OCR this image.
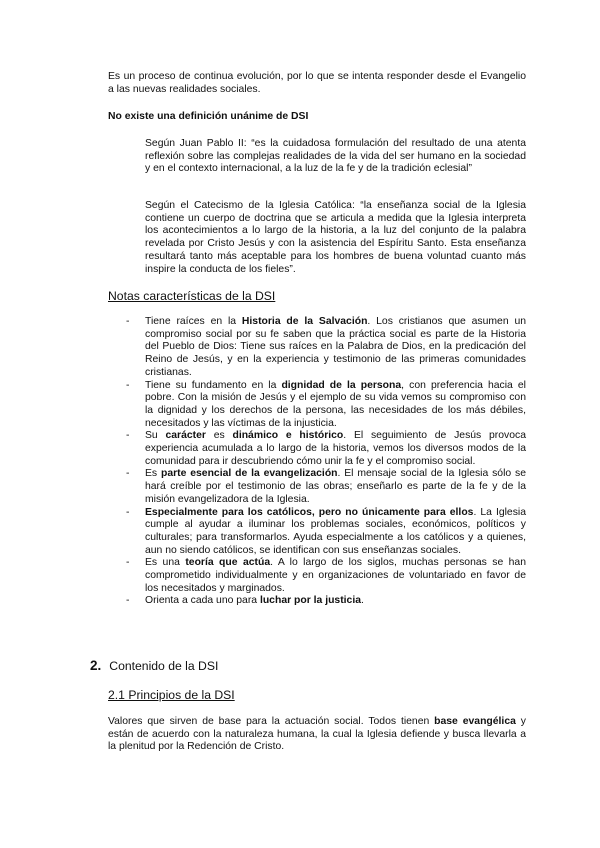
Es un proceso de continua evolución, por lo que se intenta responder desde el Evangelio a las nuevas realidades sociales.

No existe una definición unánime de DSI

Según Juan Pablo II: “es la cuidadosa formulación del resultado de una atenta reflexión sobre las complejas realidades de la vida del ser humano en la sociedad y en el contexto internacional, a la luz de la fe y de la tradición eclesial”

Según el Catecismo de la Iglesia Católica: “la enseñanza social de la Iglesia contiene un cuerpo de doctrina que se articula a medida que la Iglesia interpreta los acontecimientos a lo largo de la historia, a la luz del conjunto de la palabra revelada por Cristo Jesús y con la asistencia del Espíritu Santo. Esta enseñanza resultará tanto más aceptable para los hombres de buena voluntad cuanto más inspire la conducta de los fieles”.

Notas características de la DSI

- Tiene raíces en la Historia de la Salvación. Los cristianos que asumen un compromiso social por su fe saben que la práctica social es parte de la Historia del Pueblo de Dios: Tiene sus raíces en la Palabra de Dios, en la predicación del Reino de Jesús, y en la experiencia y testimonio de las primeras comunidades cristianas.
- Tiene su fundamento en la dignidad de la persona, con preferencia hacia el pobre. Con la misión de Jesús y el ejemplo de su vida vemos su compromiso con la dignidad y los derechos de la persona, las necesidades de los más débiles, necesitados y las víctimas de la injusticia.
- Su carácter es dinámico e histórico. El seguimiento de Jesús provoca experiencia acumulada a lo largo de la historia, vemos los diversos modos de la comunidad para ir descubriendo cómo unir la fe y el compromiso social.
- Es parte esencial de la evangelización. El mensaje social de la Iglesia sólo se hará creíble por el testimonio de las obras; enseñarlo es parte de la fe y de la misión evangelizadora de la Iglesia.
- Especialmente para los católicos, pero no únicamente para ellos. La Iglesia cumple al ayudar a iluminar los problemas sociales, económicos, políticos y culturales; para transformarlos. Ayuda especialmente a los católicos y a quienes, aun no siendo católicos, se identifican con sus enseñanzas sociales.
- Es una teoría que actúa. A lo largo de los siglos, muchas personas se han comprometido individualmente y en organizaciones de voluntariado en favor de los necesitados y marginados.
- Orienta a cada uno para luchar por la justicia.

2. Contenido de la DSI

2.1 Principios de la DSI

Valores que sirven de base para la actuación social. Todos tienen base evangélica y están de acuerdo con la naturaleza humana, la cual la Iglesia defiende y busca llevarla a la plenitud por la Redención de Cristo.
